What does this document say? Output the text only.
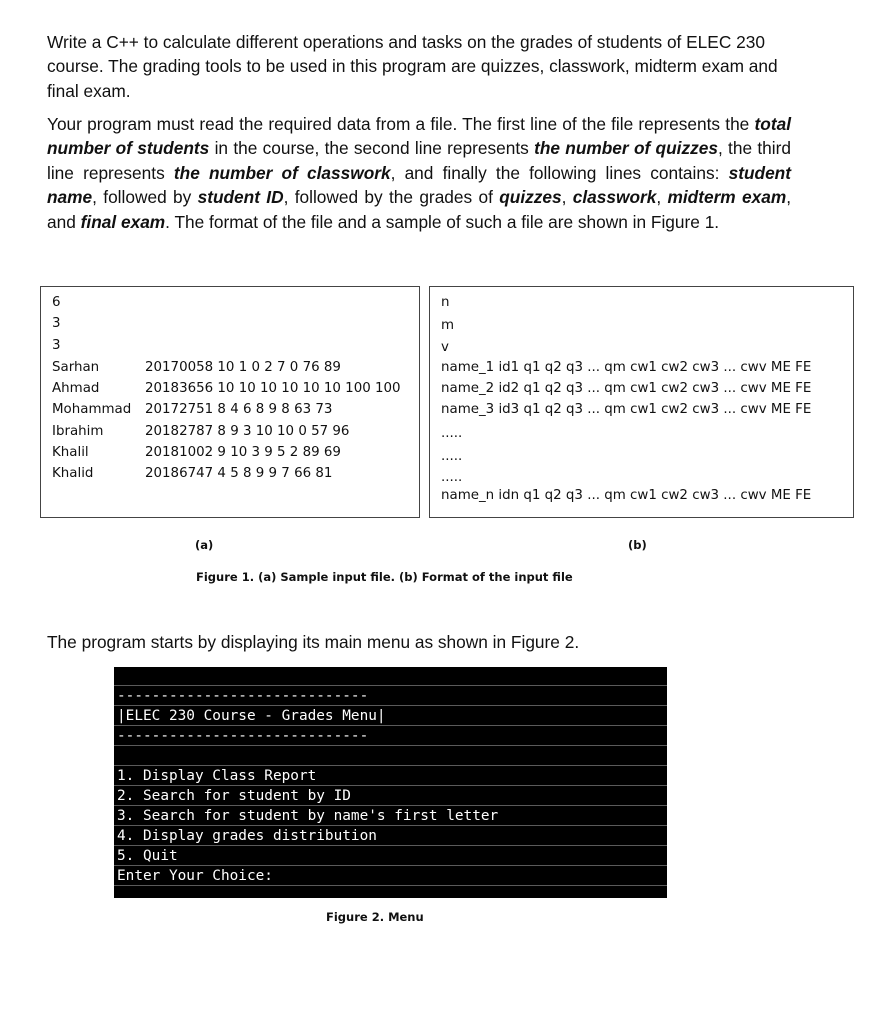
Write a C++ to calculate different operations and tasks on the grades of students of ELEC 230 course. The grading tools to be used in this program are quizzes, classwork, midterm exam and final exam.

Your program must read the required data from a file. The first line of the file represents the total number of students in the course, the second line represents the number of quizzes, the third line represents the number of classwork, and finally the following lines contains: student name, followed by student ID, followed by the grades of quizzes, classwork, midterm exam, and final exam. The format of the file and a sample of such a file are shown in Figure 1.

6
3
3
Sarhan	20170058 10 1 0 2 7 0 76 89
Ahmad	20183656 10 10 10 10 10 10 100 100
Mohammad 20172751 8 4 6 8 9 8 63 73
Ibrahim	20182787 8 9 3 10 10 0 57 96
Khalil	20181002 9 10 3 9 5 2 89 69
Khalid	20186747 4 5 8 9 9 7 66 81
n
m
v
name_1 id1 q1 q2 q3 ... qm cw1 cw2 cw3 ... cwv ME FE
name_2 id2 q1 q2 q3 ... qm cw1 cw2 cw3 ... cwv ME FE
name_3 id3 q1 q2 q3 ... qm cw1 cw2 cw3 ... cwv ME FE
.....
.....
.....
name_n idn q1 q2 q3 ... qm cw1 cw2 cw3 ... cwv ME FE
(a)	(b)
Figure 1. (a) Sample input file. (b) Format of the input file

The program starts by displaying its main menu as shown in Figure 2.

-----------------------------
|ELEC 230 Course - Grades Menu|
-----------------------------
1. Display Class Report
2. Search for student by ID
3. Search for student by name's first letter
4. Display grades distribution
5. Quit
Enter Your Choice:
Figure 2. Menu
